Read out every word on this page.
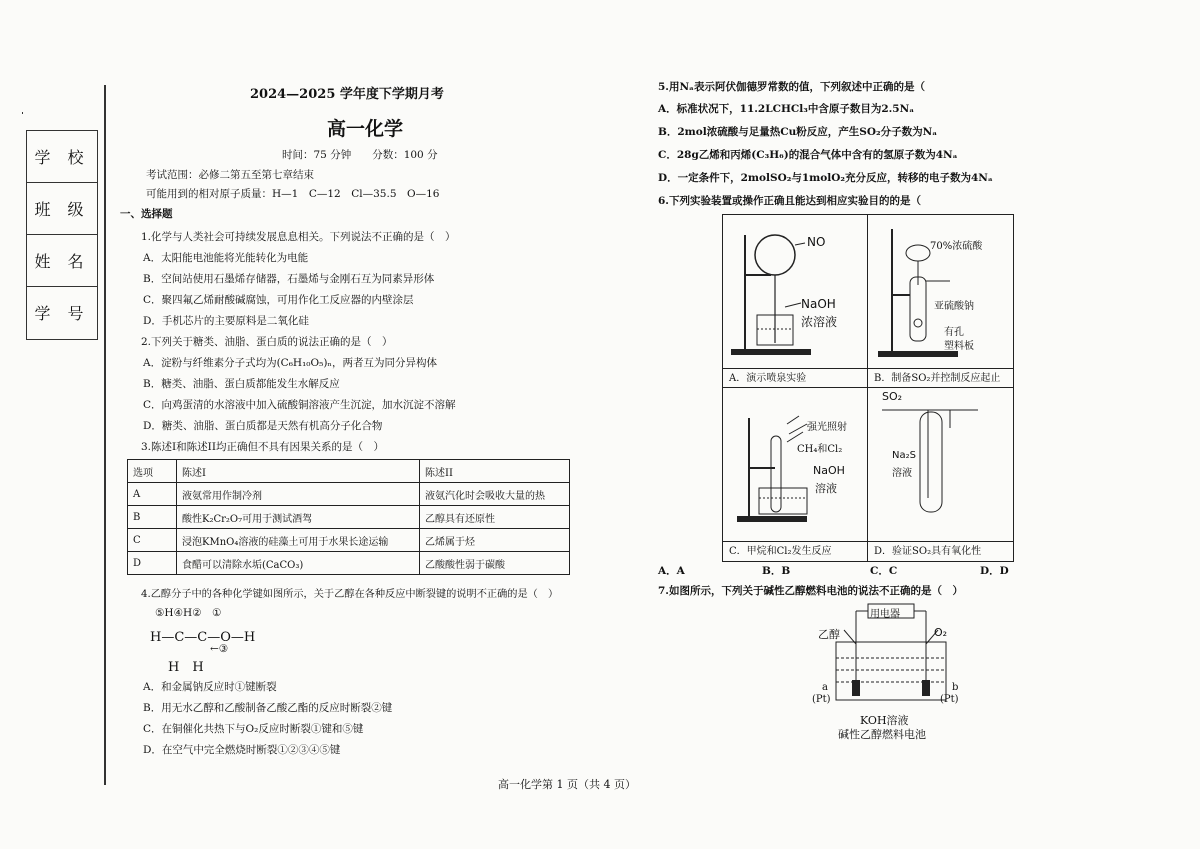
学 校
班 级
姓 名
学 号
2024—2025 学年度下学期月考
高一化学
时间：75 分钟　　分数：100 分
考试范围：必修二第五至第七章结束
可能用到的相对原子质量：H—1　C—12　Cl—35.5　O—16
一、选择题
1.化学与人类社会可持续发展息息相关。下列说法不正确的是（　）
A．太阳能电池能将光能转化为电能
B．空间站使用石墨烯存储器，石墨烯与金刚石互为同素异形体
C．聚四氟乙烯耐酸碱腐蚀，可用作化工反应器的内壁涂层
D．手机芯片的主要原料是二氧化硅
2.下列关于糖类、油脂、蛋白质的说法正确的是（　）
A．淀粉与纤维素分子式均为(C₆H₁₀O₅)ₙ，两者互为同分异构体
B．糖类、油脂、蛋白质都能发生水解反应
C．向鸡蛋清的水溶液中加入硫酸铜溶液产生沉淀，加水沉淀不溶解
D．糖类、油脂、蛋白质都是天然有机高分子化合物
3.陈述I和陈述II均正确但不具有因果关系的是（　）
选项	陈述I	陈述II
A	液氨常用作制冷剂	液氨汽化时会吸收大量的热
B	酸性K₂Cr₂O₇可用于测试酒驾	乙醇具有还原性
C	浸泡KMnO₄溶液的硅藻土可用于水果长途运输	乙烯属于烃
D	食醋可以清除水垢(CaCO₃)	乙酸酸性弱于碳酸
4.乙醇分子中的各种化学键如图所示，关于乙醇在各种反应中断裂键的说明不正确的是（　）
⑤H④H②　①
H—C—C—O—H
H　H
←③
A．和金属钠反应时①键断裂
B．用无水乙醇和乙酸制备乙酸乙酯的反应时断裂②键
C．在铜催化共热下与O₂反应时断裂①键和⑤键
D．在空气中完全燃烧时断裂①②③④⑤键
5.用Nₐ表示阿伏伽德罗常数的值，下列叙述中正确的是（
A．标准状况下，11.2LCHCl₃中含原子数目为2.5Nₐ
B．2mol浓硫酸与足量热Cu粉反应，产生SO₂分子数为Nₐ
C．28g乙烯和丙烯(C₃H₆)的混合气体中含有的氢原子数为4Nₐ
D．一定条件下，2molSO₂与1molO₂充分反应，转移的电子数为4Nₐ
6.下列实验装置或操作正确且能达到相应实验目的的是（
NO
NaOH
浓溶液
A．演示喷泉实验
70%浓硫酸
亚硫酸钠
有孔
塑料板
B．制备SO₂并控制反应起止
强光照射
CH₄和Cl₂
NaOH
溶液
C．甲烷和Cl₂发生反应
SO₂
Na₂S
溶液
D．验证SO₂具有氧化性
A．A	B．B	C．C	D．D
7.如图所示，下列关于碱性乙醇燃料电池的说法不正确的是（　）
用电器
乙醇	O₂
a
(Pt)
b
(Pt)
KOH溶液
碱性乙醇燃料电池
高一化学第 1 页（共 4 页）
